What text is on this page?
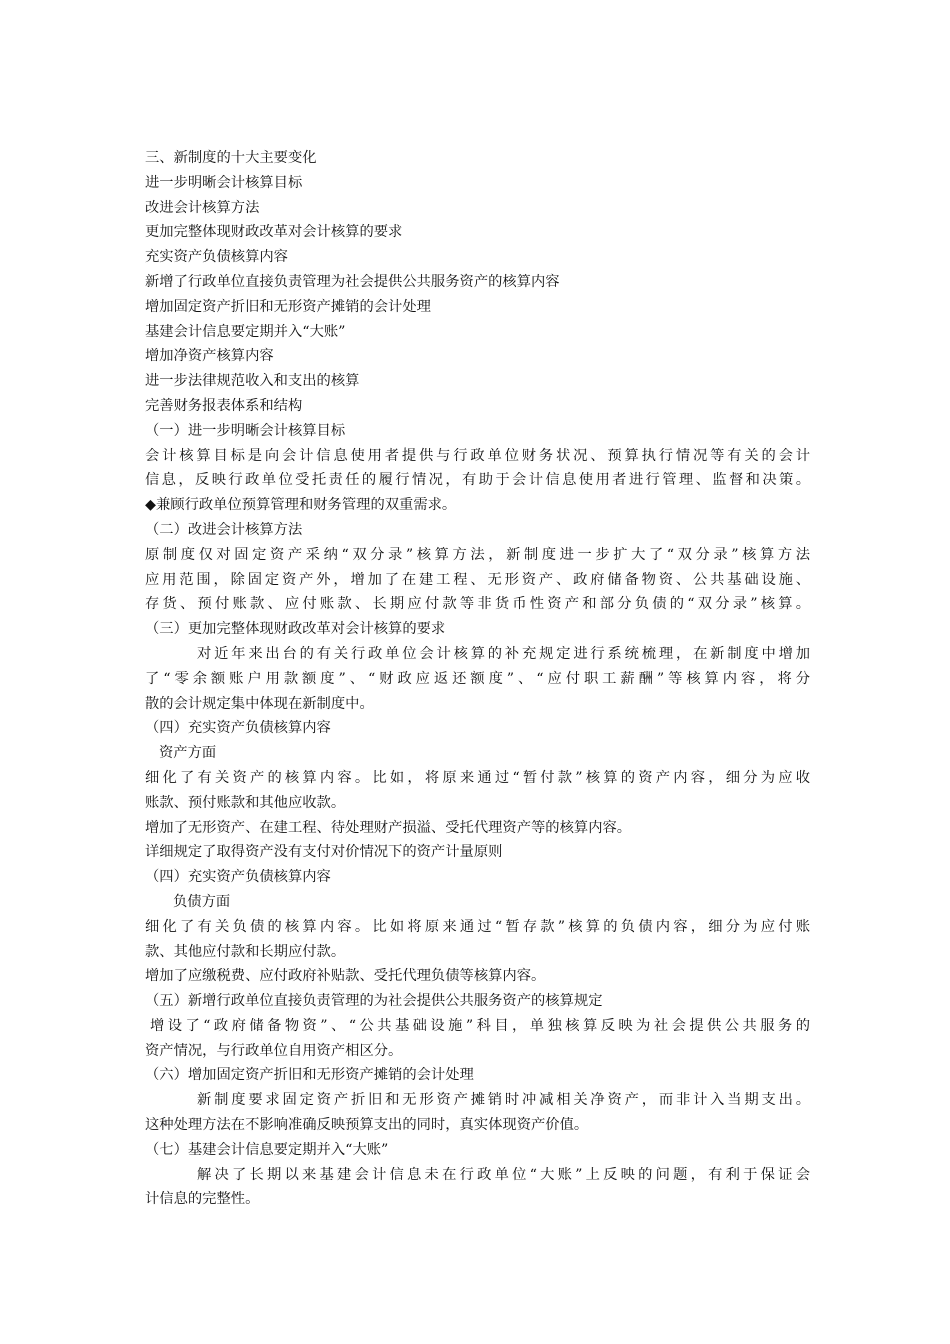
三、新制度的十大主要变化
进一步明晰会计核算目标
改进会计核算方法
更加完整体现财政改革对会计核算的要求
充实资产负债核算内容
新增了行政单位直接负责管理为社会提供公共服务资产的核算内容
增加固定资产折旧和无形资产摊销的会计处理
基建会计信息要定期并入“大账”
增加净资产核算内容
进一步法律规范收入和支出的核算
完善财务报表体系和结构
（一）进一步明晰会计核算目标
会计核算目标是向会计信息使用者提供与行政单位财务状况、预算执行情况等有关的会计
信息，反映行政单位受托责任的履行情况，有助于会计信息使用者进行管理、监督和决策。
◆兼顾行政单位预算管理和财务管理的双重需求。
（二）改进会计核算方法
原制度仅对固定资产采纳“双分录”核算方法，新制度进一步扩大了“双分录”核算方法
应用范围，除固定资产外，增加了在建工程、无形资产、政府储备物资、公共基础设施、
存货、预付账款、应付账款、长期应付款等非货币性资产和部分负债的“双分录”核算。
（三）更加完整体现财政改革对会计核算的要求
对近年来出台的有关行政单位会计核算的补充规定进行系统梳理，在新制度中增加
了“零余额账户用款额度”、“财政应返还额度”、“应付职工薪酬”等核算内容，将分
散的会计规定集中体现在新制度中。
（四）充实资产负债核算内容
资产方面
细化了有关资产的核算内容。比如，将原来通过“暂付款”核算的资产内容，细分为应收
账款、预付账款和其他应收款。
增加了无形资产、在建工程、待处理财产损溢、受托代理资产等的核算内容。
详细规定了取得资产没有支付对价情况下的资产计量原则
（四）充实资产负债核算内容
负债方面
细化了有关负债的核算内容。比如将原来通过“暂存款”核算的负债内容，细分为应付账
款、其他应付款和长期应付款。
增加了应缴税费、应付政府补贴款、受托代理负债等核算内容。
（五）新增行政单位直接负责管理的为社会提供公共服务资产的核算规定
增设了“政府储备物资”、“公共基础设施”科目，单独核算反映为社会提供公共服务的
资产情况，与行政单位自用资产相区分。
（六）增加固定资产折旧和无形资产摊销的会计处理
新制度要求固定资产折旧和无形资产摊销时冲减相关净资产，而非计入当期支出。
这种处理方法在不影响准确反映预算支出的同时，真实体现资产价值。
（七）基建会计信息要定期并入“大账”
解决了长期以来基建会计信息未在行政单位“大账”上反映的问题，有利于保证会
计信息的完整性。
